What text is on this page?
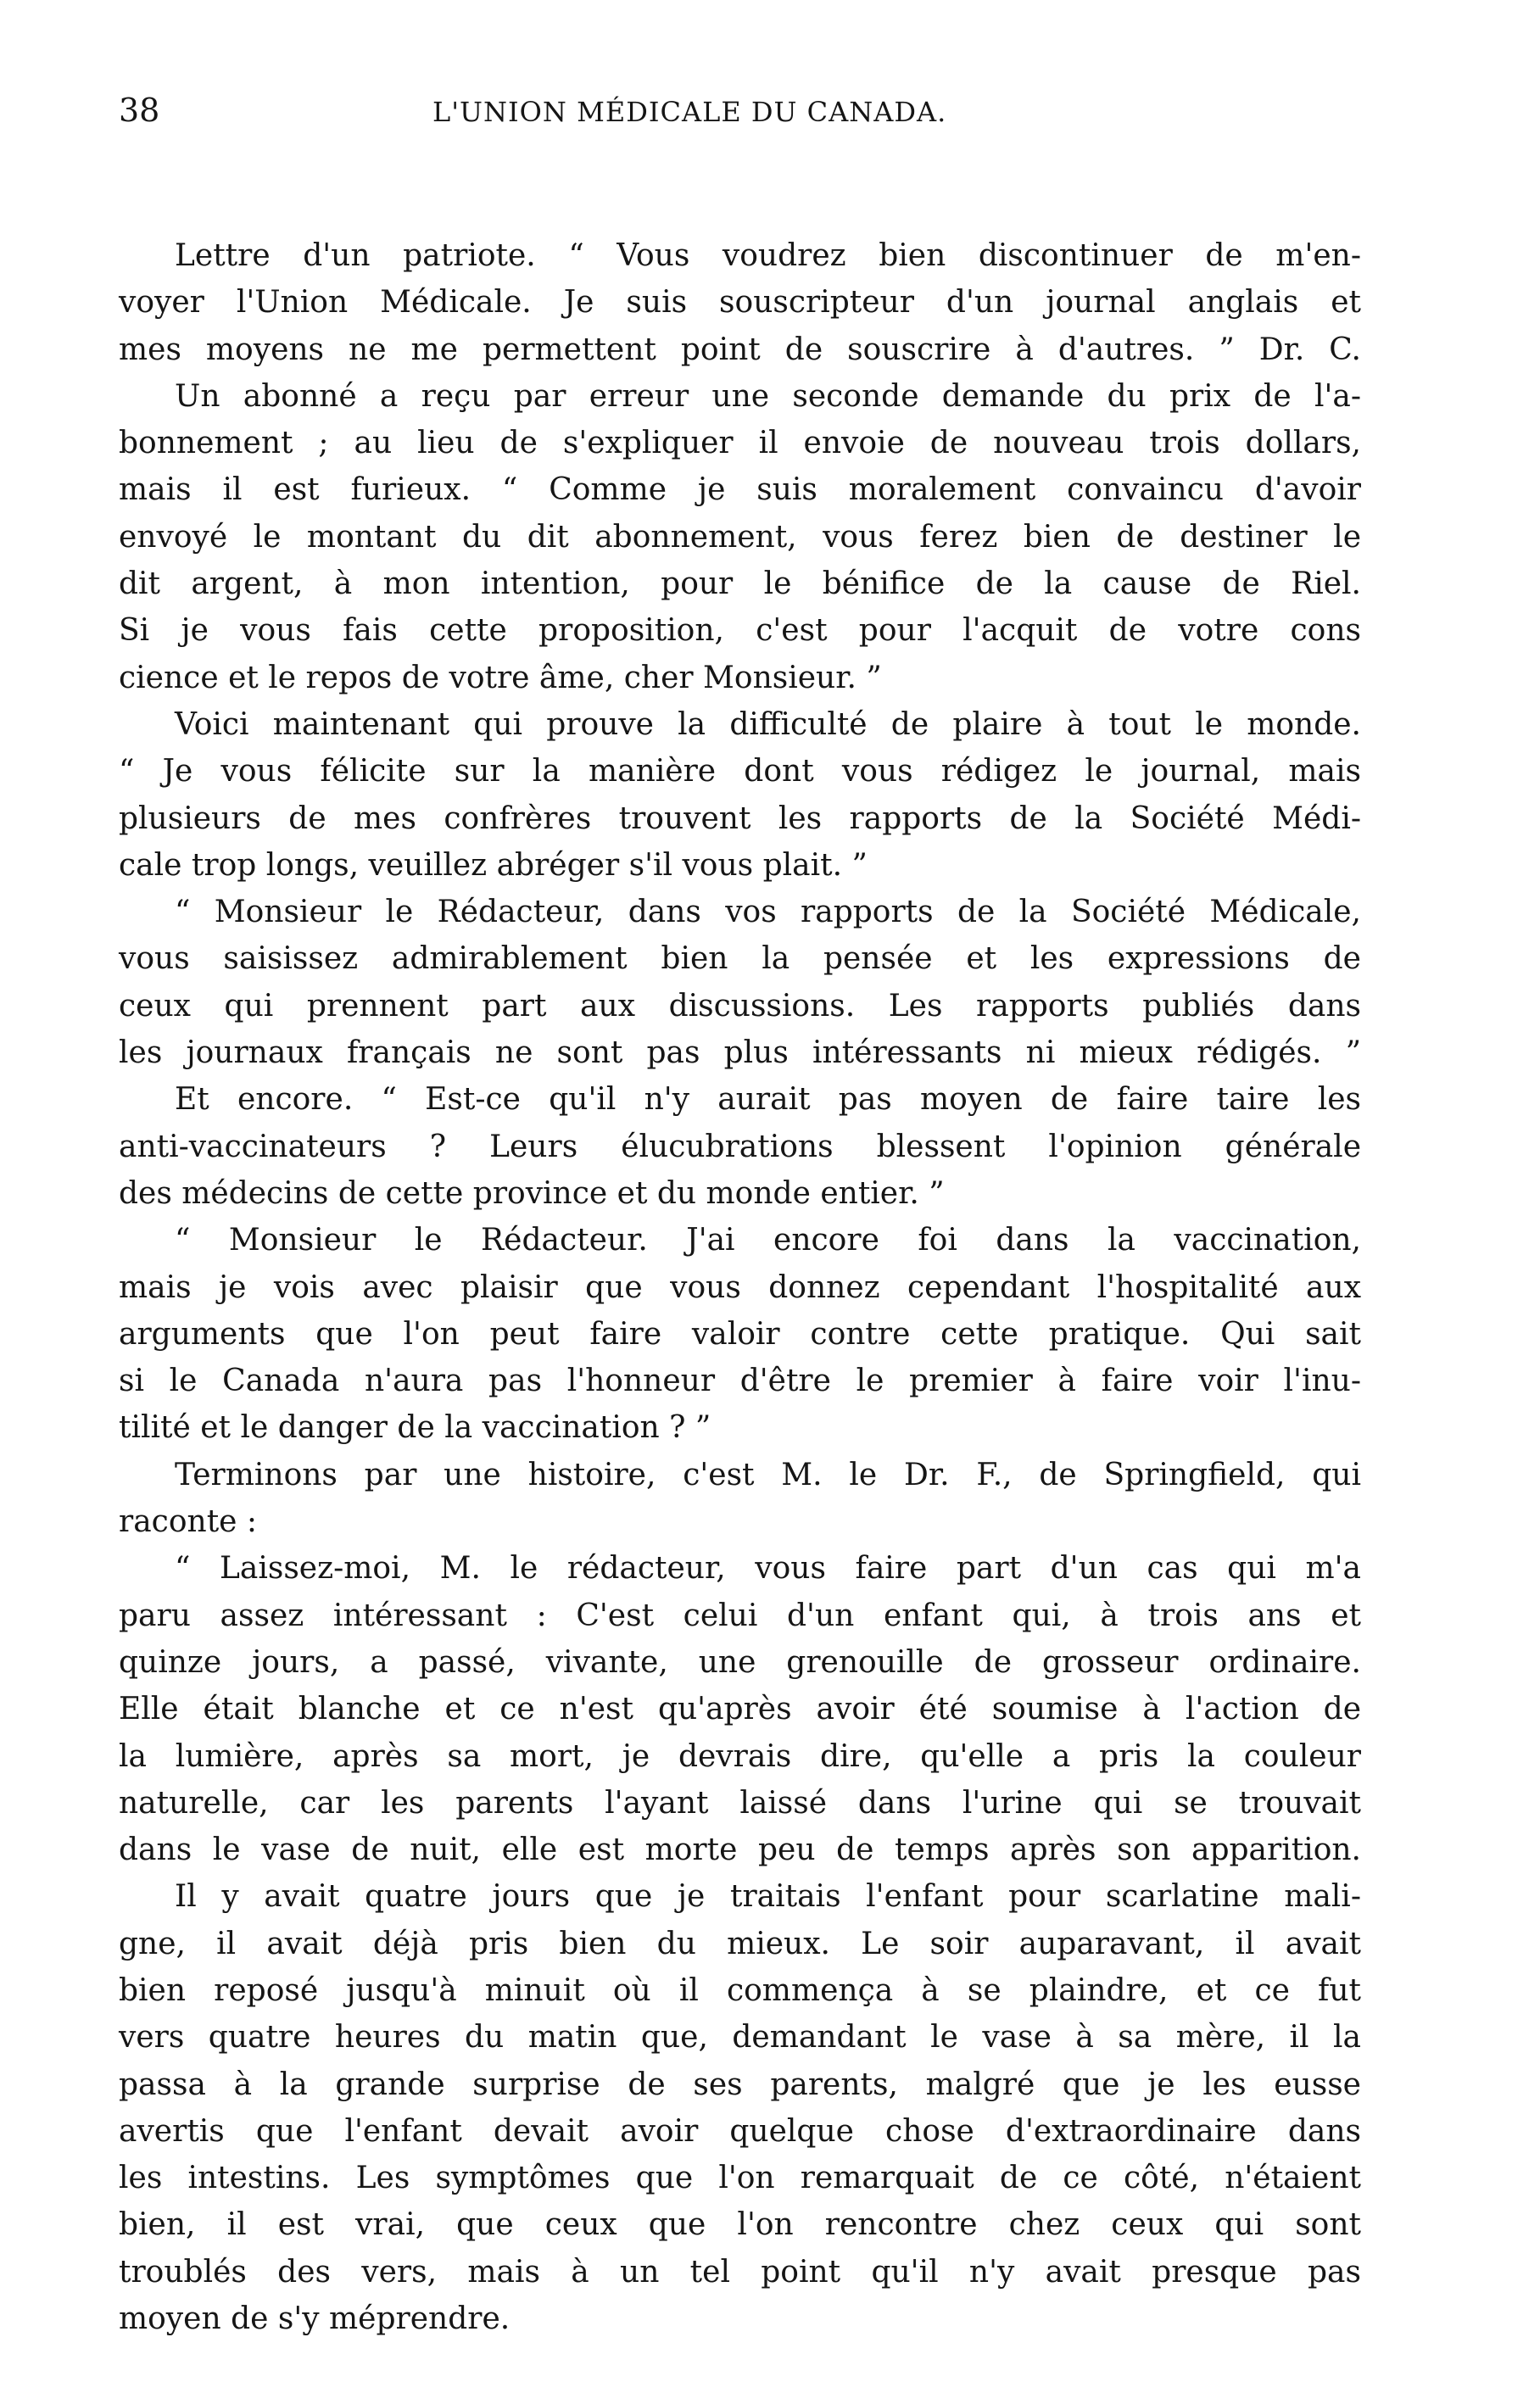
38	L'UNION MÉDICALE DU CANADA.
Lettre d'un patriote. “ Vous voudrez bien discontinuer de m'en-
voyer l'Union Médicale. Je suis souscripteur d'un journal anglais et
mes moyens ne me permettent point de souscrire à d'autres. ” Dr. C.
Un abonné a reçu par erreur une seconde demande du prix de l'a-
bonnement ; au lieu de s'expliquer il envoie de nouveau trois dollars,
mais il est furieux. “ Comme je suis moralement convaincu d'avoir
envoyé le montant du dit abonnement, vous ferez bien de destiner le
dit argent, à mon intention, pour le bénifice de la cause de Riel.
Si je vous fais cette proposition, c'est pour l'acquit de votre cons
cience et le repos de votre âme, cher Monsieur. ”
Voici maintenant qui prouve la difficulté de plaire à tout le monde.
“ Je vous félicite sur la manière dont vous rédigez le journal, mais
plusieurs de mes confrères trouvent les rapports de la Société Médi-
cale trop longs, veuillez abréger s'il vous plait. ”
“ Monsieur le Rédacteur, dans vos rapports de la Société Médicale,
vous saisissez admirablement bien la pensée et les expressions de
ceux qui prennent part aux discussions. Les rapports publiés dans
les journaux français ne sont pas plus intéressants ni mieux rédigés. ”
Et encore. “ Est-ce qu'il n'y aurait pas moyen de faire taire les
anti-vaccinateurs ? Leurs élucubrations blessent l'opinion générale
des médecins de cette province et du monde entier. ”
“ Monsieur le Rédacteur. J'ai encore foi dans la vaccination,
mais je vois avec plaisir que vous donnez cependant l'hospitalité aux
arguments que l'on peut faire valoir contre cette pratique. Qui sait
si le Canada n'aura pas l'honneur d'être le premier à faire voir l'inu-
tilité et le danger de la vaccination ? ”
Terminons par une histoire, c'est M. le Dr. F., de Springfield, qui
raconte :
“ Laissez-moi, M. le rédacteur, vous faire part d'un cas qui m'a
paru assez intéressant : C'est celui d'un enfant qui, à trois ans et
quinze jours, a passé, vivante, une grenouille de grosseur ordinaire.
Elle était blanche et ce n'est qu'après avoir été soumise à l'action de
la lumière, après sa mort, je devrais dire, qu'elle a pris la couleur
naturelle, car les parents l'ayant laissé dans l'urine qui se trouvait
dans le vase de nuit, elle est morte peu de temps après son apparition.
Il y avait quatre jours que je traitais l'enfant pour scarlatine mali-
gne, il avait déjà pris bien du mieux. Le soir auparavant, il avait
bien reposé jusqu'à minuit où il commença à se plaindre, et ce fut
vers quatre heures du matin que, demandant le vase à sa mère, il la
passa à la grande surprise de ses parents, malgré que je les eusse
avertis que l'enfant devait avoir quelque chose d'extraordinaire dans
les intestins. Les symptômes que l'on remarquait de ce côté, n'étaient
bien, il est vrai, que ceux que l'on rencontre chez ceux qui sont
troublés des vers, mais à un tel point qu'il n'y avait presque pas
moyen de s'y méprendre.
